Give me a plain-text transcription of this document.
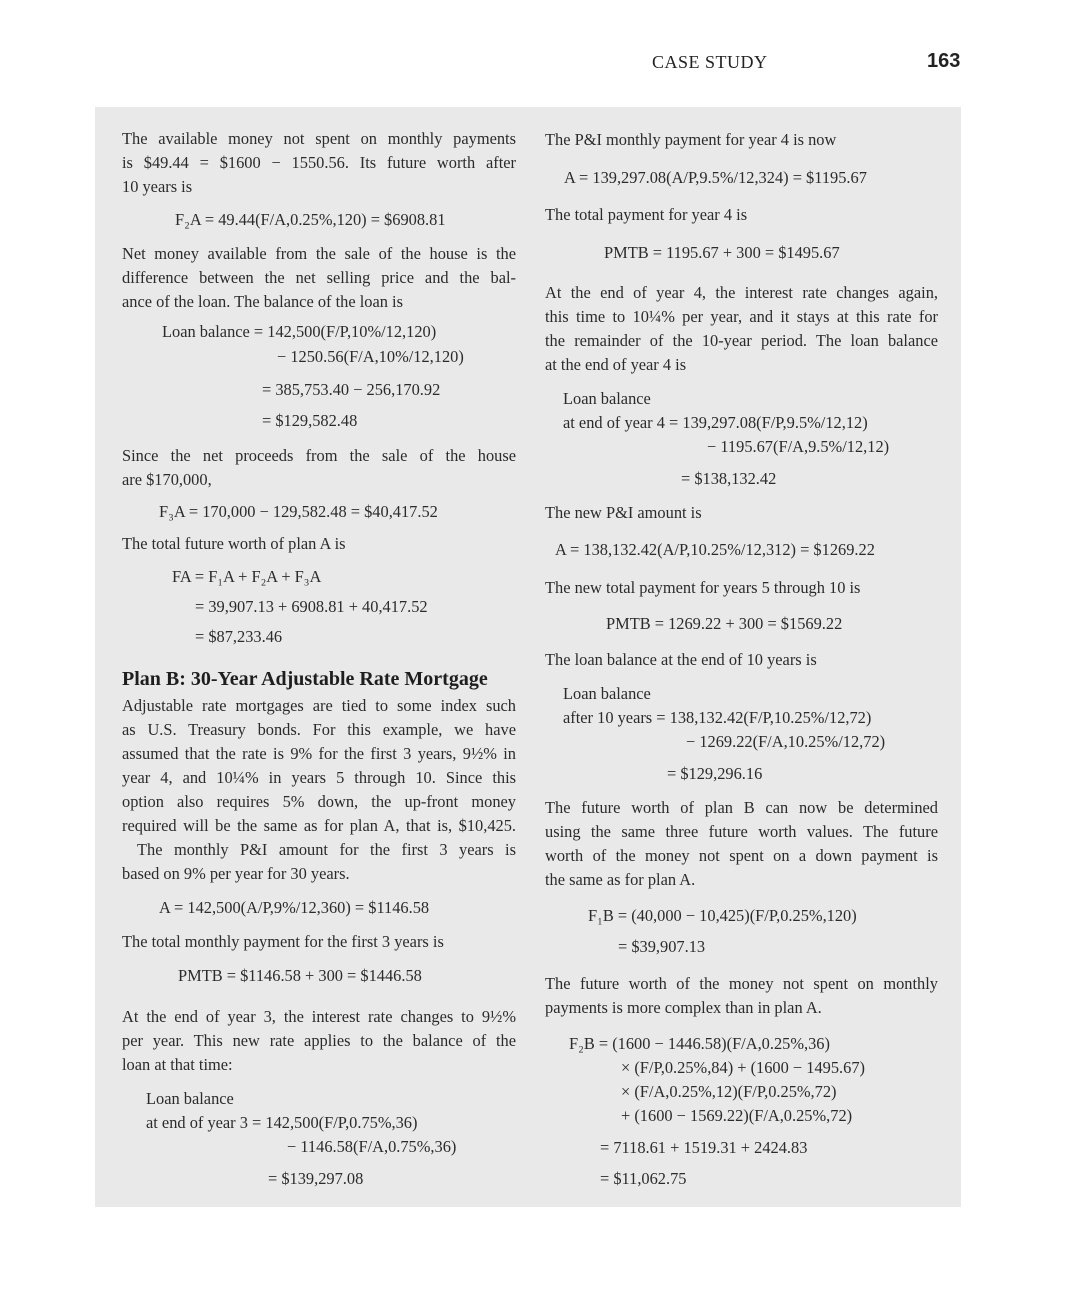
CASE STUDY	163
The available money not spent on monthly payments
is $49.44 = $1600 − 1550.56. Its future worth after
10 years is
F₂A = 49.44(F/A,0.25%,120) = $6908.81
Net money available from the sale of the house is the
difference between the net selling price and the bal-
ance of the loan. The balance of the loan is
Loan balance = 142,500(F/P,10%/12,120)
− 1250.56(F/A,10%/12,120)
= 385,753.40 − 256,170.92
= $129,582.48
Since the net proceeds from the sale of the house
are $170,000,
F₃A = 170,000 − 129,582.48 = $40,417.52
The total future worth of plan A is
FA = F₁A + F₂A + F₃A
= 39,907.13 + 6908.81 + 40,417.52
= $87,233.46
Plan B: 30-Year Adjustable Rate Mortgage
Adjustable rate mortgages are tied to some index such
as U.S. Treasury bonds. For this example, we have
assumed that the rate is 9% for the first 3 years, 9½% in
year 4, and 10¼% in years 5 through 10. Since this
option also requires 5% down, the up-front money
required will be the same as for plan A, that is, $10,425.
The monthly P&I amount for the first 3 years is
based on 9% per year for 30 years.
A = 142,500(A/P,9%/12,360) = $1146.58
The total monthly payment for the first 3 years is
PMTB = $1146.58 + 300 = $1446.58
At the end of year 3, the interest rate changes to 9½%
per year. This new rate applies to the balance of the
loan at that time:
Loan balance
at end of year 3 = 142,500(F/P,0.75%,36)
− 1146.58(F/A,0.75%,36)
= $139,297.08
The P&I monthly payment for year 4 is now
A = 139,297.08(A/P,9.5%/12,324) = $1195.67
The total payment for year 4 is
PMTB = 1195.67 + 300 = $1495.67
At the end of year 4, the interest rate changes again,
this time to 10¼% per year, and it stays at this rate for
the remainder of the 10-year period. The loan balance
at the end of year 4 is
Loan balance
at end of year 4 = 139,297.08(F/P,9.5%/12,12)
− 1195.67(F/A,9.5%/12,12)
= $138,132.42
The new P&I amount is
A = 138,132.42(A/P,10.25%/12,312) = $1269.22
The new total payment for years 5 through 10 is
PMTB = 1269.22 + 300 = $1569.22
The loan balance at the end of 10 years is
Loan balance
after 10 years = 138,132.42(F/P,10.25%/12,72)
− 1269.22(F/A,10.25%/12,72)
= $129,296.16
The future worth of plan B can now be determined
using the same three future worth values. The future
worth of the money not spent on a down payment is
the same as for plan A.
F₁B = (40,000 − 10,425)(F/P,0.25%,120)
= $39,907.13
The future worth of the money not spent on monthly
payments is more complex than in plan A.
F₂B = (1600 − 1446.58)(F/A,0.25%,36)
× (F/P,0.25%,84) + (1600 − 1495.67)
× (F/A,0.25%,12)(F/P,0.25%,72)
+ (1600 − 1569.22)(F/A,0.25%,72)
= 7118.61 + 1519.31 + 2424.83
= $11,062.75
